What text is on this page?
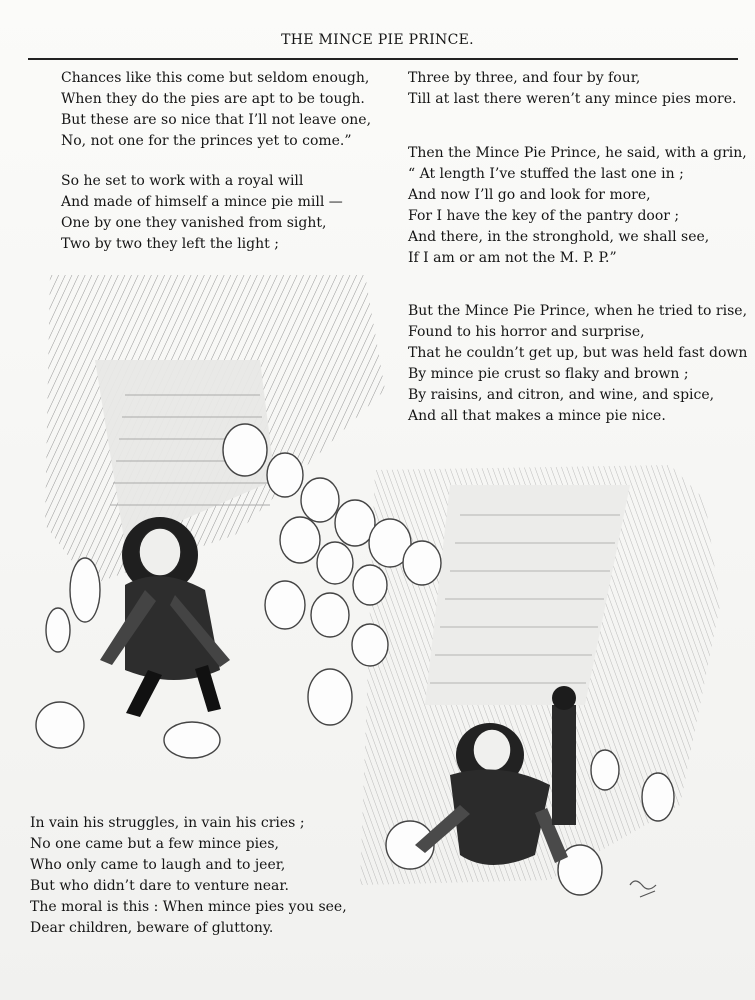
THE MINCE PIE PRINCE.
Chances like this come but seldom enough,
When they do the pies are apt to be tough.
But these are so nice that I’ll not leave one,
No, not one for the princes yet to come.”
So he set to work with a royal will
And made of himself a mince pie mill —
One by one they vanished from sight,
Two by two they left the light ;
Three by three, and four by four,
Till at last there weren’t any mince pies more.
Then the Mince Pie Prince, he said, with a grin,
“ At length I’ve stuffed the last one in ;
And now I’ll go and look for more,
For I have the key of the pantry door ;
And there, in the stronghold, we shall see,
If I am or am not the M. P. P.”
But the Mince Pie Prince, when he tried to rise,
Found to his horror and surprise,
That he couldn’t get up, but was held fast down
By mince pie crust so flaky and brown ;
By raisins, and citron, and wine, and spice,
And all that makes a mince pie nice.
In vain his struggles, in vain his cries ;
No one came but a few mince pies,
Who only came to laugh and to jeer,
But who didn’t dare to venture near.
The moral is this : When mince pies you see,
Dear children, beware of gluttony.
